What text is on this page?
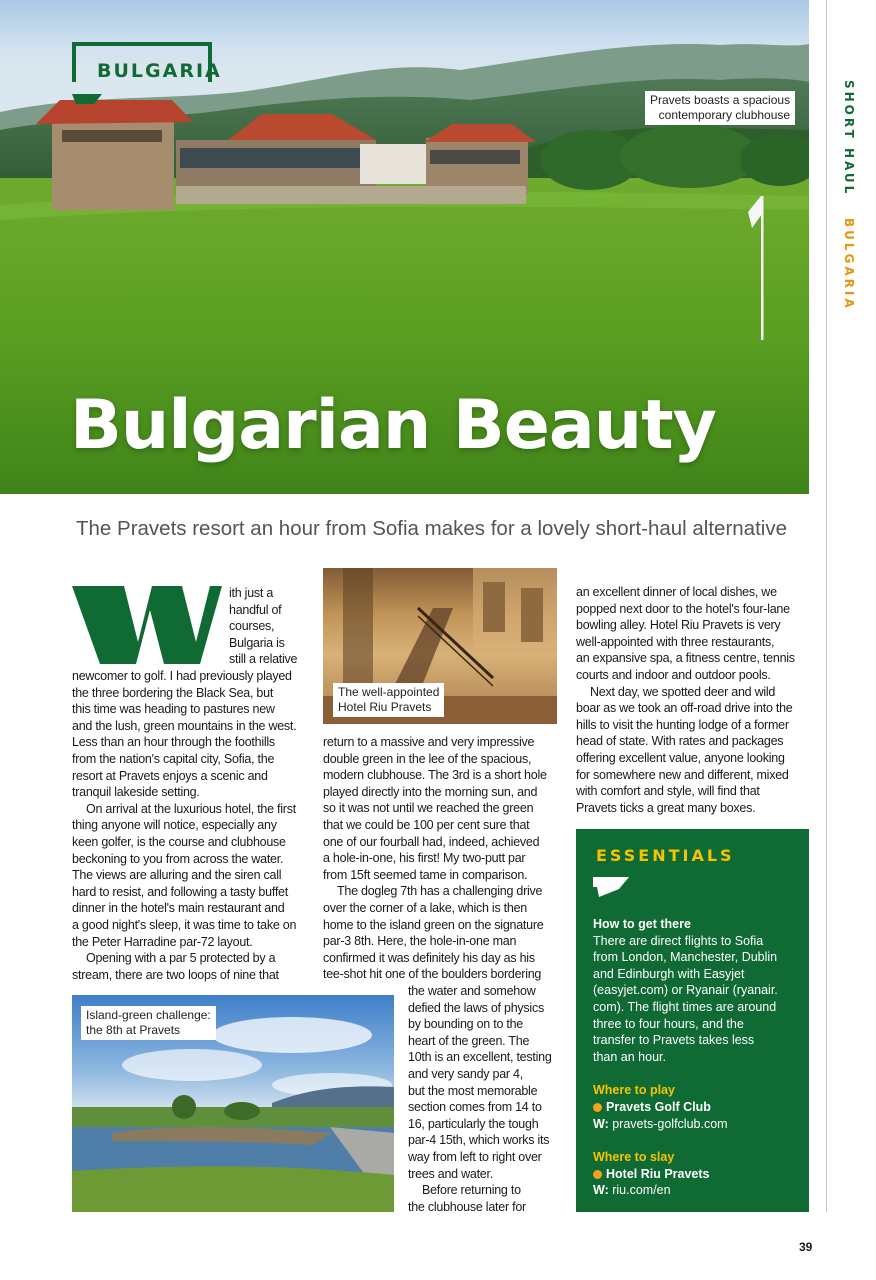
BULGARIA
Pravets boasts a spacious
contemporary clubhouse
Bulgarian Beauty
SHORT HAUL BULGARIA
The Pravets resort an hour from Sofia makes for a lovely short-haul alternative
ith just a
handful of
courses,
Bulgaria is
still a relative
newcomer to golf. I had previously played
the three bordering the Black Sea, but
this time was heading to pastures new
and the lush, green mountains in the west.
Less than an hour through the foothills
from the nation's capital city, Sofia, the
resort at Pravets enjoys a scenic and
tranquil lakeside setting.
On arrival at the luxurious hotel, the first
thing anyone will notice, especially any
keen golfer, is the course and clubhouse
beckoning to you from across the water.
The views are alluring and the siren call
hard to resist, and following a tasty buffet
dinner in the hotel's main restaurant and
a good night's sleep, it was time to take on
the Peter Harradine par-72 layout.
Opening with a par 5 protected by a
stream, there are two loops of nine that
The well-appointed
Hotel Riu Pravets
return to a massive and very impressive
double green in the lee of the spacious,
modern clubhouse. The 3rd is a short hole
played directly into the morning sun, and
so it was not until we reached the green
that we could be 100 per cent sure that
one of our fourball had, indeed, achieved
a hole-in-one, his first! My two-putt par
from 15ft seemed tame in comparison.
The dogleg 7th has a challenging drive
over the corner of a lake, which is then
home to the island green on the signature
par-3 8th. Here, the hole-in-one man
confirmed it was definitely his day as his
tee-shot hit one of the boulders bordering
the water and somehow
defied the laws of physics
by bounding on to the
heart of the green. The
10th is an excellent, testing
and very sandy par 4,
but the most memorable
section comes from 14 to
16, particularly the tough
par-4 15th, which works its
way from left to right over
trees and water.
Before returning to
the clubhouse later for
Island-green challenge:
the 8th at Pravets
an excellent dinner of local dishes, we
popped next door to the hotel's four-lane
bowling alley. Hotel Riu Pravets is very
well-appointed with three restaurants,
an expansive spa, a fitness centre, tennis
courts and indoor and outdoor pools.
Next day, we spotted deer and wild
boar as we took an off-road drive into the
hills to visit the hunting lodge of a former
head of state. With rates and packages
offering excellent value, anyone looking
for somewhere new and different, mixed
with comfort and style, will find that
Pravets ticks a great many boxes.
ESSENTIALS
How to get there
There are direct flights to Sofia
from London, Manchester, Dublin
and Edinburgh with Easyjet
(easyjet.com) or Ryanair (ryanair.
com). The flight times are around
three to four hours, and the
transfer to Pravets takes less
than an hour.
Where to play
Pravets Golf Club
W: pravets-golfclub.com
Where to slay
Hotel Riu Pravets
W: riu.com/en
39
